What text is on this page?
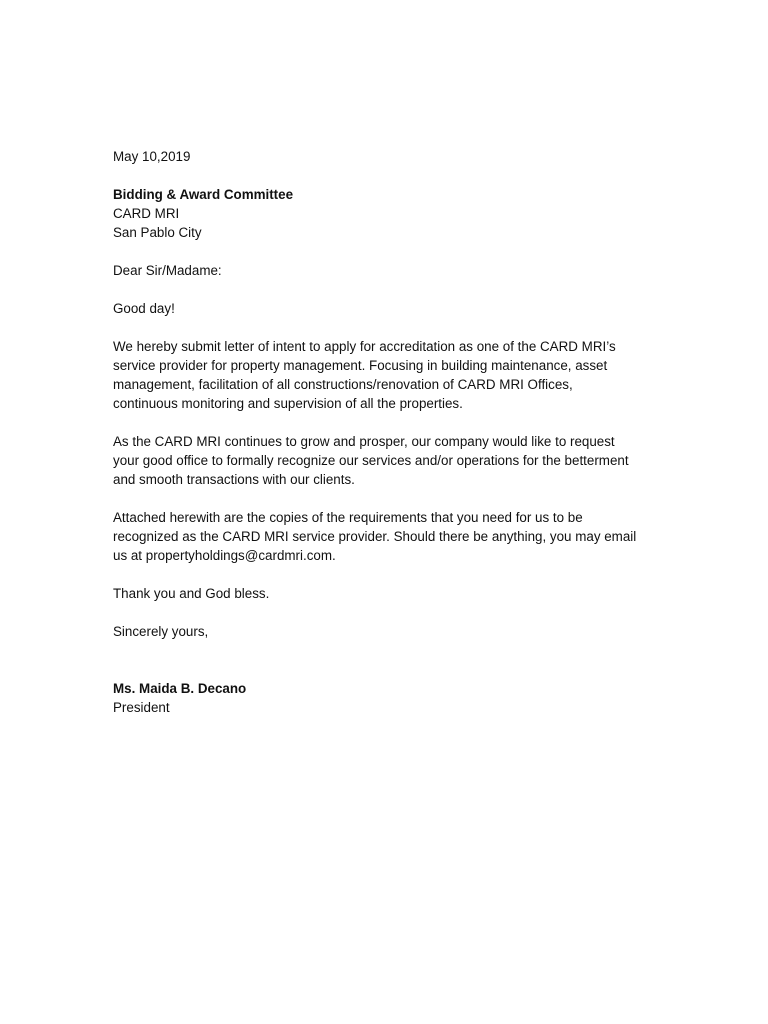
May 10,2019
Bidding & Award Committee
CARD MRI
San Pablo City
Dear Sir/Madame:
Good day!
We hereby submit letter of intent to apply for accreditation as one of the CARD MRI’s
service provider for property management. Focusing in building maintenance, asset
management, facilitation of all constructions/renovation of CARD MRI Offices,
continuous monitoring and supervision of all the properties.
As the CARD MRI continues to grow and prosper, our company would like to request
your good office to formally recognize our services and/or operations for the betterment
and smooth transactions with our clients.
Attached herewith are the copies of the requirements that you need for us to be
recognized as the CARD MRI service provider. Should there be anything, you may email
us at propertyholdings@cardmri.com.
Thank you and God bless.
Sincerely yours,
Ms. Maida B. Decano
President
